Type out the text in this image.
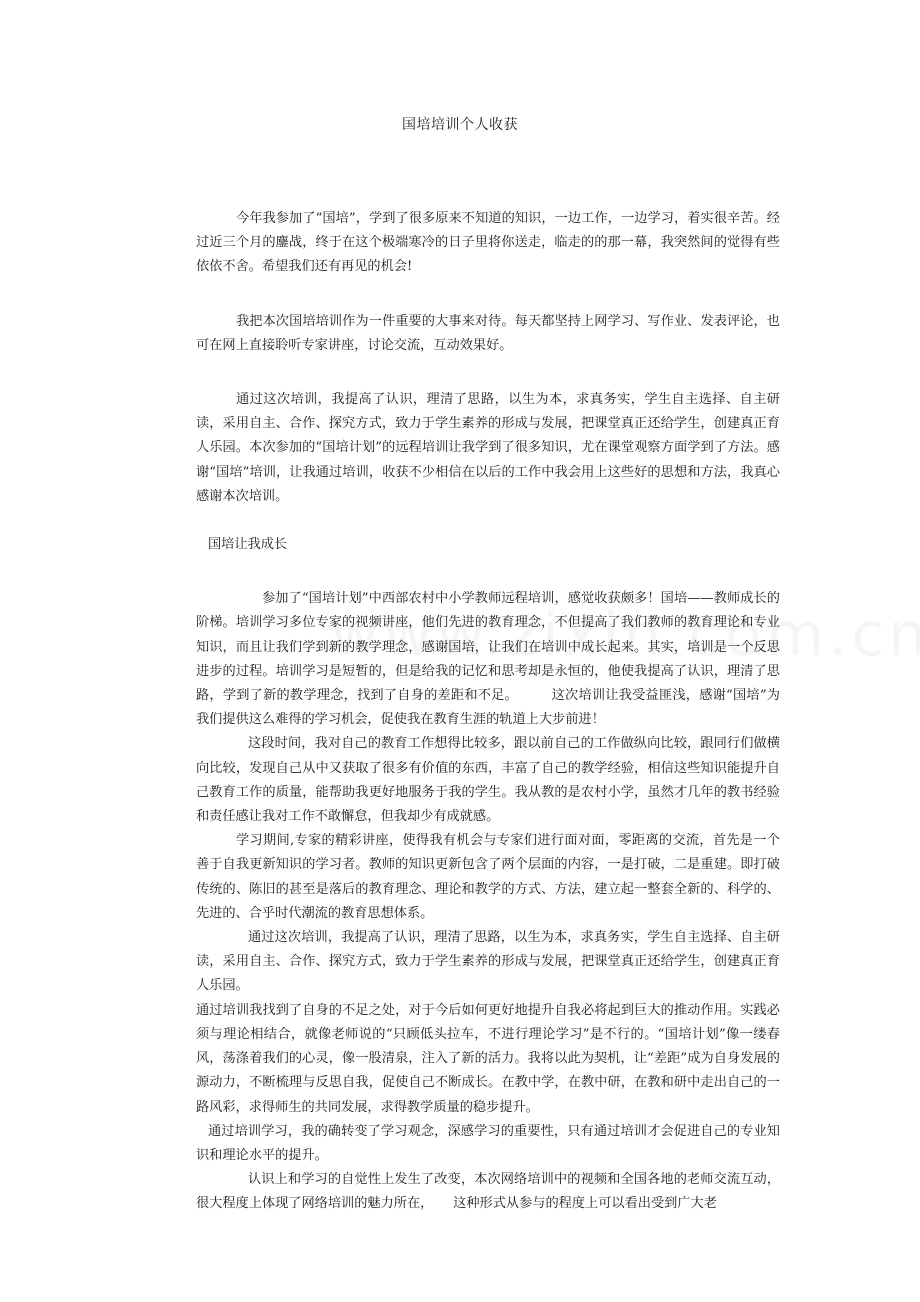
国培培训个人收获

今年我参加了“国培”，学到了很多原来不知道的知识，一边工作，一边学习，着实很辛苦。经过近三个月的鏖战，终于在这个极端寒冷的日子里将你送走，临走的的那一幕，我突然间的觉得有些依依不舍。希望我们还有再见的机会!

我把本次国培培训作为一件重要的大事来对待。每天都坚持上网学习、写作业、发表评论，也可在网上直接聆听专家讲座，讨论交流，互动效果好。

通过这次培训，我提高了认识，理清了思路，以生为本，求真务实，学生自主选择、自主研读，采用自主、合作、探究方式，致力于学生素养的形成与发展，把课堂真正还给学生，创建真正育人乐园。本次参加的“国培计划”的远程培训让我学到了很多知识，尤在课堂观察方面学到了方法。感谢“国培”培训，让我通过培训，收获不少相信在以后的工作中我会用上这些好的思想和方法，我真心感谢本次培训。

国培让我成长

参加了“国培计划”中西部农村中小学教师远程培训，感觉收获颇多！国培——教师成长的阶梯。培训学习多位专家的视频讲座，他们先进的教育理念，不但提高了我们教师的教育理论和专业知识，而且让我们学到新的教学理念，感谢国培，让我们在培训中成长起来。其实，培训是一个反思进步的过程。培训学习是短暂的，但是给我的记忆和思考却是永恒的，他使我提高了认识，理清了思路，学到了新的教学理念，找到了自身的差距和不足。　　　这次培训让我受益匪浅，感谢“国培”为我们提供这么难得的学习机会，促使我在教育生涯的轨道上大步前进！

这段时间，我对自己的教育工作想得比较多，跟以前自己的工作做纵向比较，跟同行们做横向比较，发现自己从中又获取了很多有价值的东西，丰富了自己的教学经验，相信这些知识能提升自己教育工作的质量，能帮助我更好地服务于我的学生。我从教的是农村小学，虽然才几年的教书经验和责任感让我对工作不敢懈怠，但我却少有成就感。

学习期间,专家的精彩讲座，使得我有机会与专家们进行面对面，零距离的交流，首先是一个善于自我更新知识的学习者。教师的知识更新包含了两个层面的内容，一是打破，二是重建。即打破传统的、陈旧的甚至是落后的教育理念、理论和教学的方式、方法，建立起一整套全新的、科学的、先进的、合乎时代潮流的教育思想体系。

通过这次培训，我提高了认识，理清了思路，以生为本，求真务实，学生自主选择、自主研读，采用自主、合作、探究方式，致力于学生素养的形成与发展，把课堂真正还给学生，创建真正育人乐园。

通过培训我找到了自身的不足之处，对于今后如何更好地提升自我必将起到巨大的推动作用。实践必须与理论相结合，就像老师说的“只顾低头拉车，不进行理论学习”是不行的。“国培计划”像一缕春风，荡涤着我们的心灵，像一股清泉，注入了新的活力。我将以此为契机，让“差距”成为自身发展的源动力，不断梳理与反思自我，促使自己不断成长。在教中学，在教中研，在教和研中走出自己的一路风彩，求得师生的共同发展，求得教学质量的稳步提升。

通过培训学习，我的确转变了学习观念，深感学习的重要性，只有通过培训才会促进自己的专业知识和理论水平的提升。

认识上和学习的自觉性上发生了改变，本次网络培训中的视频和全国各地的老师交流互动，很大程度上体现了网络培训的魅力所在，　　这种形式从参与的程度上可以看出受到广大老
